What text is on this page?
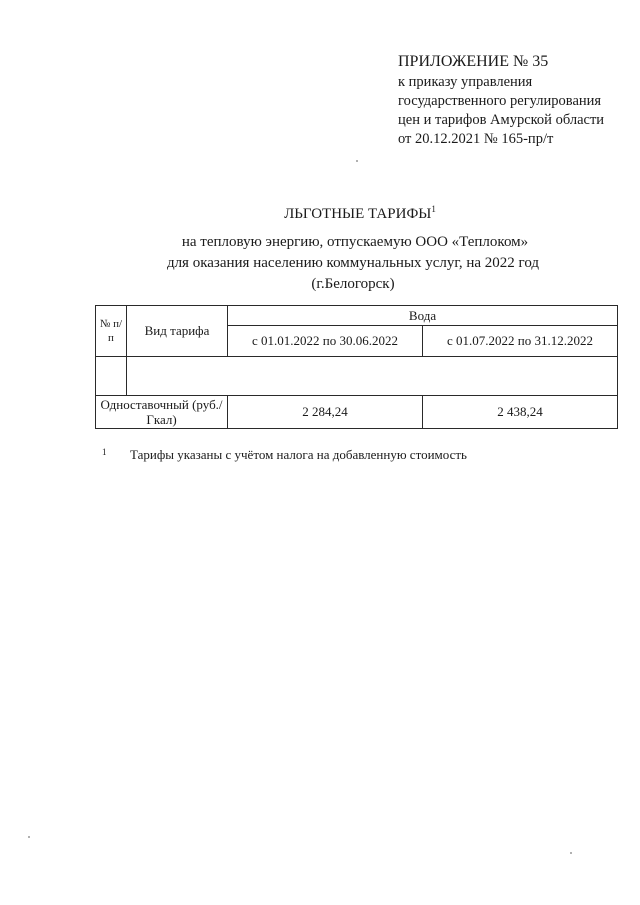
ПРИЛОЖЕНИЕ № 35
к приказу управления
государственного регулирования
цен и тарифов Амурской области
от 20.12.2021 № 165-пр/т
ЛЬГОТНЫЕ ТАРИФЫ$^1$
на тепловую энергию, отпускаемую ООО «Теплоком»
для оказания населению коммунальных услуг, на 2022 год
(г.Белогорск)
№ п/п	Вид тарифа	Вода	
		с 01.01.2022 по 30.06.2022	с 01.07.2022 по 31.12.2022

Одноставочный (руб./Гкал)		2 284,24	2 438,24
$^1$ Тарифы указаны с учётом налога на добавленную стоимость
